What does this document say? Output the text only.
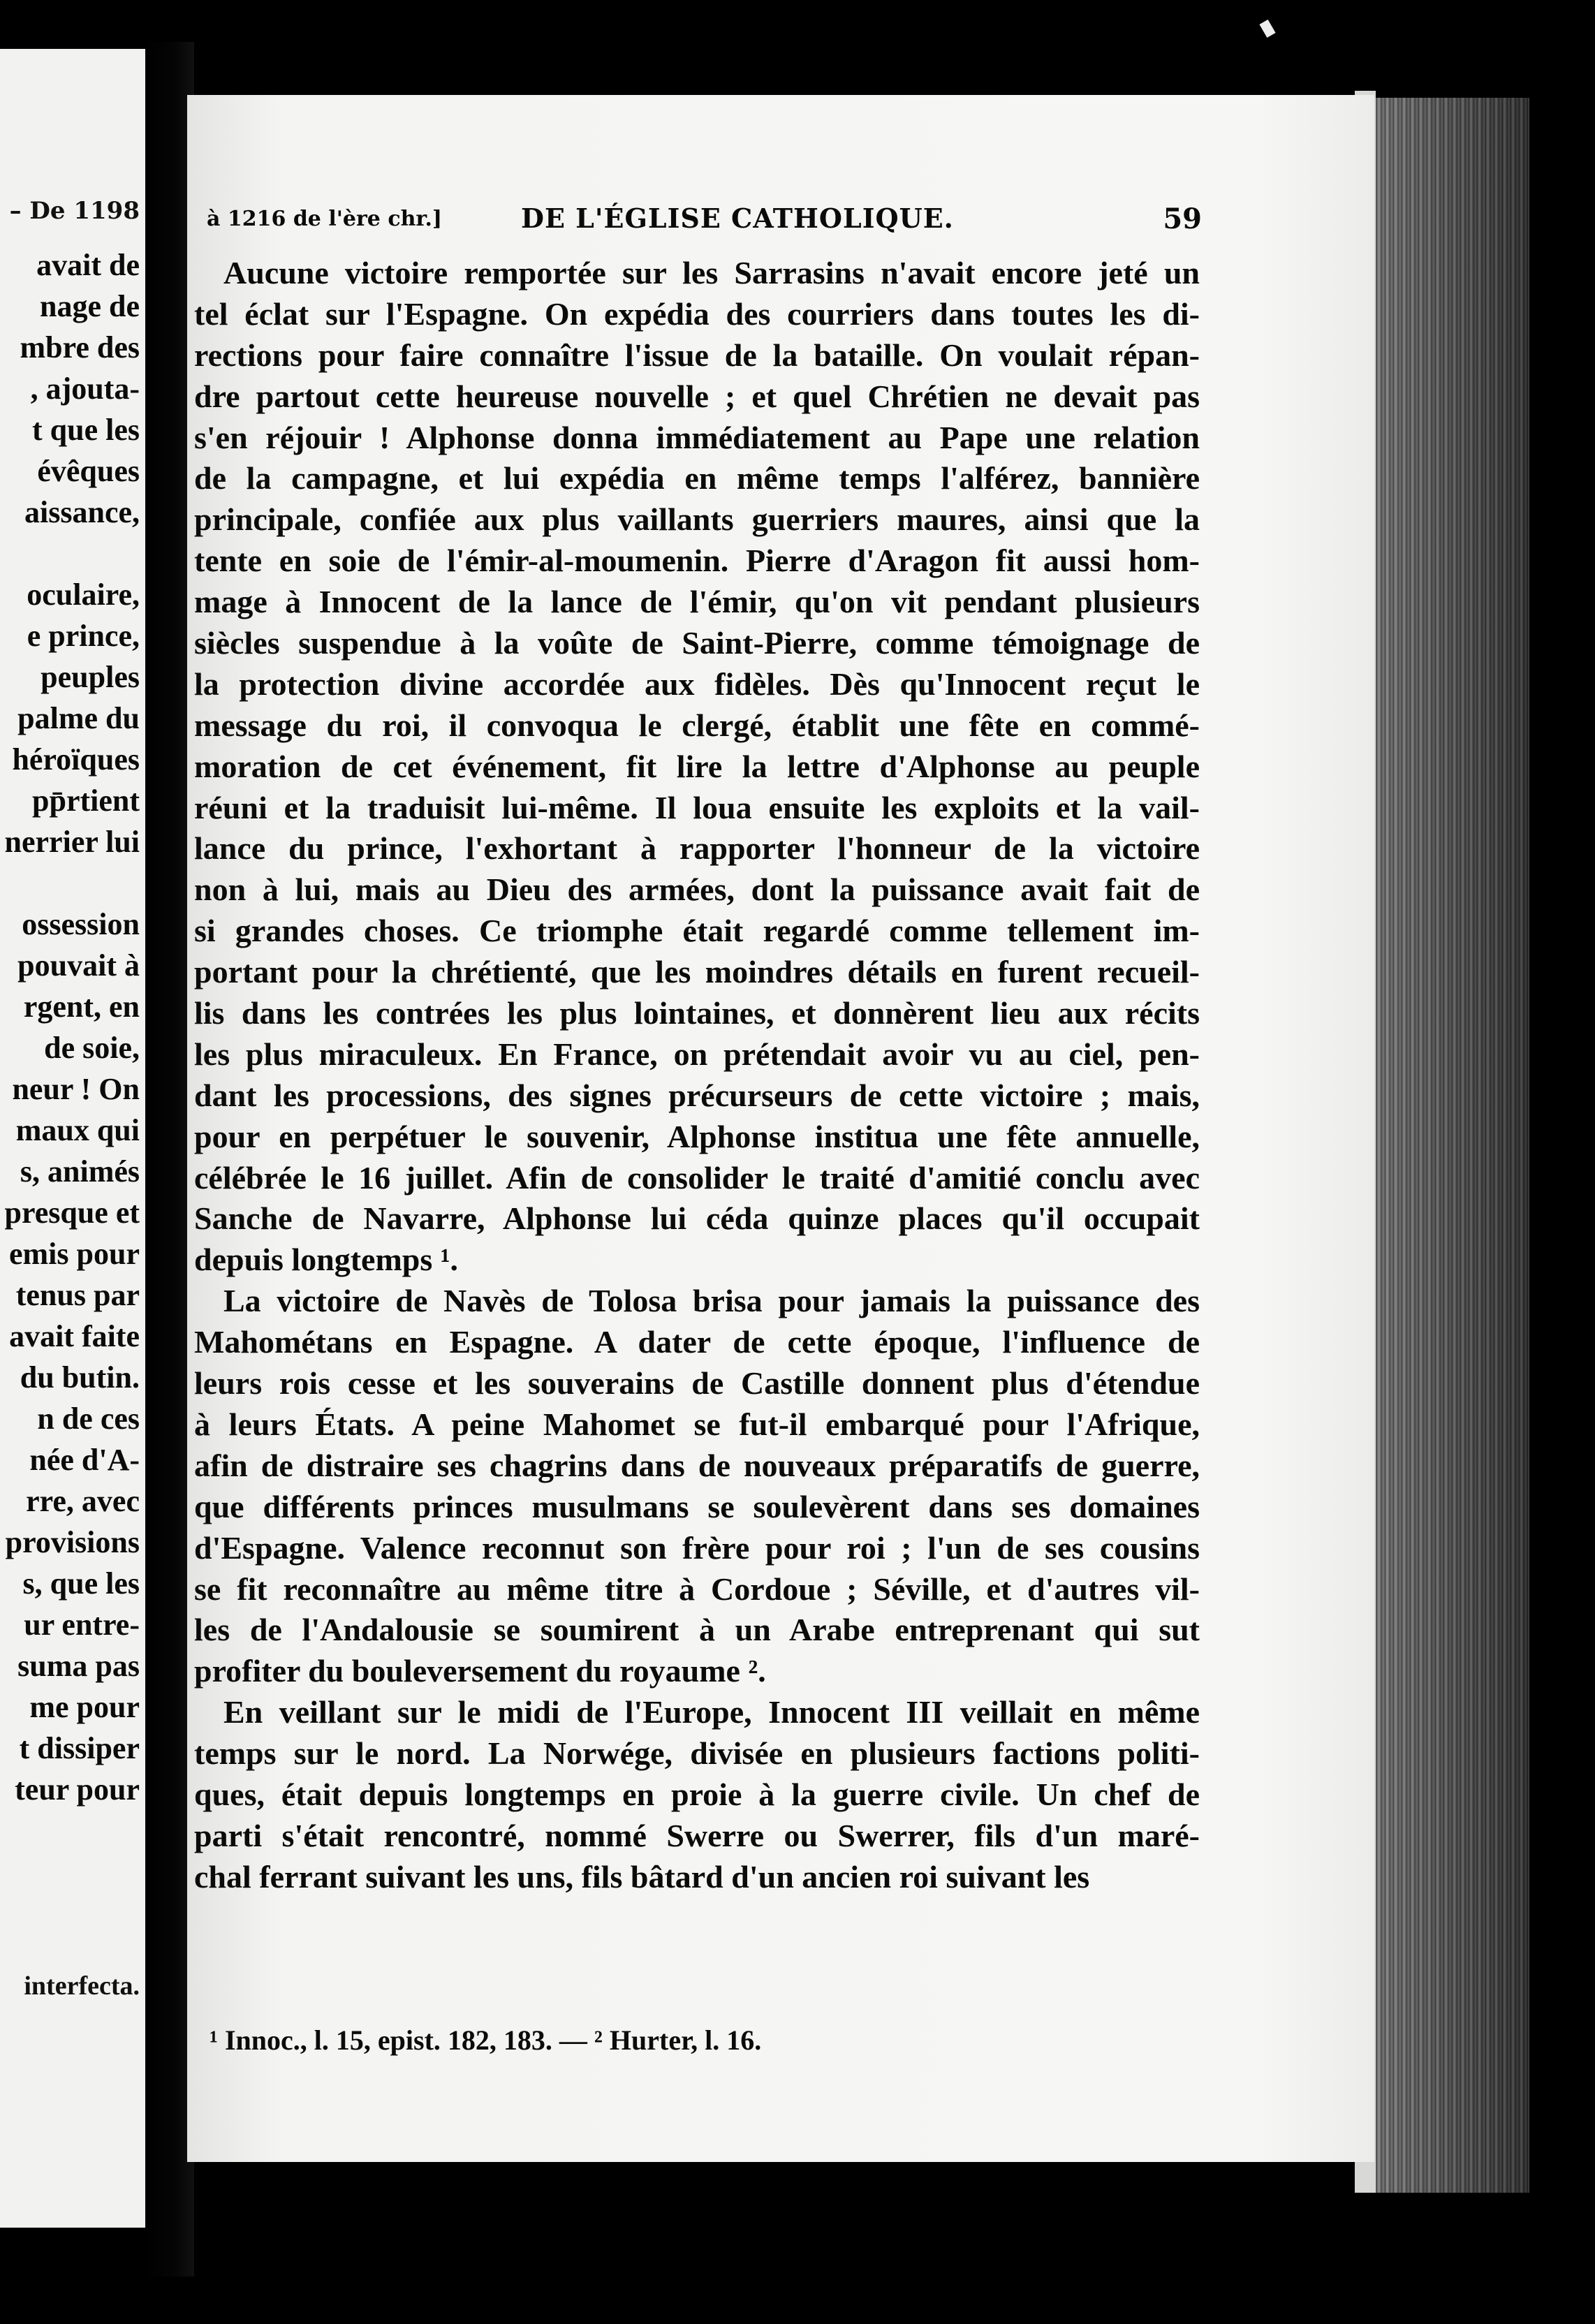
– De 1198
avait de
nage de
mbre des
, ajouta-
t que les
évêques
aissance,
oculaire,
e prince,
peuples
palme du
héroïques
pp̄rtient
nerrier lui
ossession
pouvait à
rgent, en
de soie,
neur ! On
maux qui
s, animés
presque et
emis pour
tenus par
avait faite
du butin.
n de ces
née d'A-
rre, avec
provisions
s, que les
ur entre-
suma pas
me pour
t dissiper
teur pour
interfecta.
à 1216 de l'ère chr.]	DE L'ÉGLISE CATHOLIQUE.	59
Aucune victoire remportée sur les Sarrasins n'avait encore jeté un
tel éclat sur l'Espagne. On expédia des courriers dans toutes les di-
rections pour faire connaître l'issue de la bataille. On voulait répan-
dre partout cette heureuse nouvelle ; et quel Chrétien ne devait pas
s'en réjouir ! Alphonse donna immédiatement au Pape une relation
de la campagne, et lui expédia en même temps l'alférez, bannière
principale, confiée aux plus vaillants guerriers maures, ainsi que la
tente en soie de l'émir-al-moumenin. Pierre d'Aragon fit aussi hom-
mage à Innocent de la lance de l'émir, qu'on vit pendant plusieurs
siècles suspendue à la voûte de Saint-Pierre, comme témoignage de
la protection divine accordée aux fidèles. Dès qu'Innocent reçut le
message du roi, il convoqua le clergé, établit une fête en commé-
moration de cet événement, fit lire la lettre d'Alphonse au peuple
réuni et la traduisit lui-même. Il loua ensuite les exploits et la vail-
lance du prince, l'exhortant à rapporter l'honneur de la victoire
non à lui, mais au Dieu des armées, dont la puissance avait fait de
si grandes choses. Ce triomphe était regardé comme tellement im-
portant pour la chrétienté, que les moindres détails en furent recueil-
lis dans les contrées les plus lointaines, et donnèrent lieu aux récits
les plus miraculeux. En France, on prétendait avoir vu au ciel, pen-
dant les processions, des signes précurseurs de cette victoire ; mais,
pour en perpétuer le souvenir, Alphonse institua une fête annuelle,
célébrée le 16 juillet. Afin de consolider le traité d'amitié conclu avec
Sanche de Navarre, Alphonse lui céda quinze places qu'il occupait
depuis longtemps ¹.
La victoire de Navès de Tolosa brisa pour jamais la puissance des
Mahométans en Espagne. A dater de cette époque, l'influence de
leurs rois cesse et les souverains de Castille donnent plus d'étendue
à leurs États. A peine Mahomet se fut-il embarqué pour l'Afrique,
afin de distraire ses chagrins dans de nouveaux préparatifs de guerre,
que différents princes musulmans se soulevèrent dans ses domaines
d'Espagne. Valence reconnut son frère pour roi ; l'un de ses cousins
se fit reconnaître au même titre à Cordoue ; Séville, et d'autres vil-
les de l'Andalousie se soumirent à un Arabe entreprenant qui sut
profiter du bouleversement du royaume ².
En veillant sur le midi de l'Europe, Innocent III veillait en même
temps sur le nord. La Norwége, divisée en plusieurs factions politi-
ques, était depuis longtemps en proie à la guerre civile. Un chef de
parti s'était rencontré, nommé Swerre ou Swerrer, fils d'un maré-
chal ferrant suivant les uns, fils bâtard d'un ancien roi suivant les
¹ Innoc., l. 15, epist. 182, 183. — ² Hurter, l. 16.
